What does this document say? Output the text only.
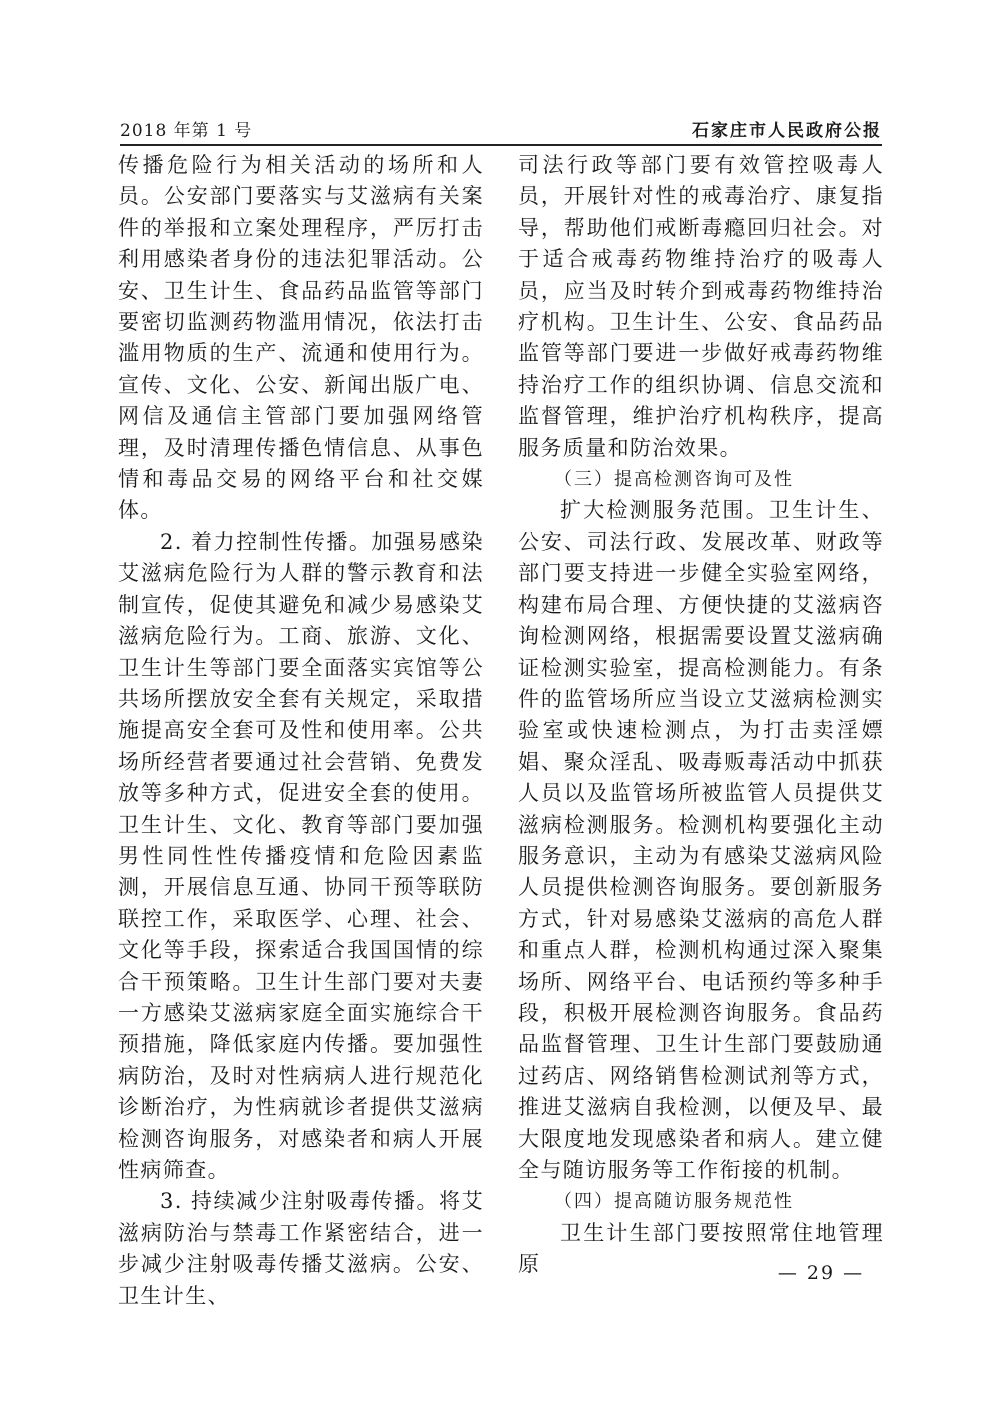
2018 年第 1 号	石家庄市人民政府公报

传播危险行为相关活动的场所和人员。公安部门要落实与艾滋病有关案件的举报和立案处理程序，严厉打击利用感染者身份的违法犯罪活动。公安、卫生计生、食品药品监管等部门要密切监测药物滥用情况，依法打击滥用物质的生产、流通和使用行为。宣传、文化、公安、新闻出版广电、网信及通信主管部门要加强网络管理，及时清理传播色情信息、从事色情和毒品交易的网络平台和社交媒体。

2. 着力控制性传播。加强易感染艾滋病危险行为人群的警示教育和法制宣传，促使其避免和减少易感染艾滋病危险行为。工商、旅游、文化、卫生计生等部门要全面落实宾馆等公共场所摆放安全套有关规定，采取措施提高安全套可及性和使用率。公共场所经营者要通过社会营销、免费发放等多种方式，促进安全套的使用。卫生计生、文化、教育等部门要加强男性同性性传播疫情和危险因素监测，开展信息互通、协同干预等联防联控工作，采取医学、心理、社会、文化等手段，探索适合我国国情的综合干预策略。卫生计生部门要对夫妻一方感染艾滋病家庭全面实施综合干预措施，降低家庭内传播。要加强性病防治，及时对性病病人进行规范化诊断治疗，为性病就诊者提供艾滋病检测咨询服务，对感染者和病人开展性病筛查。

3. 持续减少注射吸毒传播。将艾滋病防治与禁毒工作紧密结合，进一步减少注射吸毒传播艾滋病。公安、卫生计生、

司法行政等部门要有效管控吸毒人员，开展针对性的戒毒治疗、康复指导，帮助他们戒断毒瘾回归社会。对于适合戒毒药物维持治疗的吸毒人员，应当及时转介到戒毒药物维持治疗机构。卫生计生、公安、食品药品监管等部门要进一步做好戒毒药物维持治疗工作的组织协调、信息交流和监督管理，维护治疗机构秩序，提高服务质量和防治效果。

（三）提高检测咨询可及性

扩大检测服务范围。卫生计生、公安、司法行政、发展改革、财政等部门要支持进一步健全实验室网络，构建布局合理、方便快捷的艾滋病咨询检测网络，根据需要设置艾滋病确证检测实验室，提高检测能力。有条件的监管场所应当设立艾滋病检测实验室或快速检测点，为打击卖淫嫖娼、聚众淫乱、吸毒贩毒活动中抓获人员以及监管场所被监管人员提供艾滋病检测服务。检测机构要强化主动服务意识，主动为有感染艾滋病风险人员提供检测咨询服务。要创新服务方式，针对易感染艾滋病的高危人群和重点人群，检测机构通过深入聚集场所、网络平台、电话预约等多种手段，积极开展检测咨询服务。食品药品监督管理、卫生计生部门要鼓励通过药店、网络销售检测试剂等方式，推进艾滋病自我检测，以便及早、最大限度地发现感染者和病人。建立健全与随访服务等工作衔接的机制。

（四）提高随访服务规范性

卫生计生部门要按照常住地管理原	— 29 —
